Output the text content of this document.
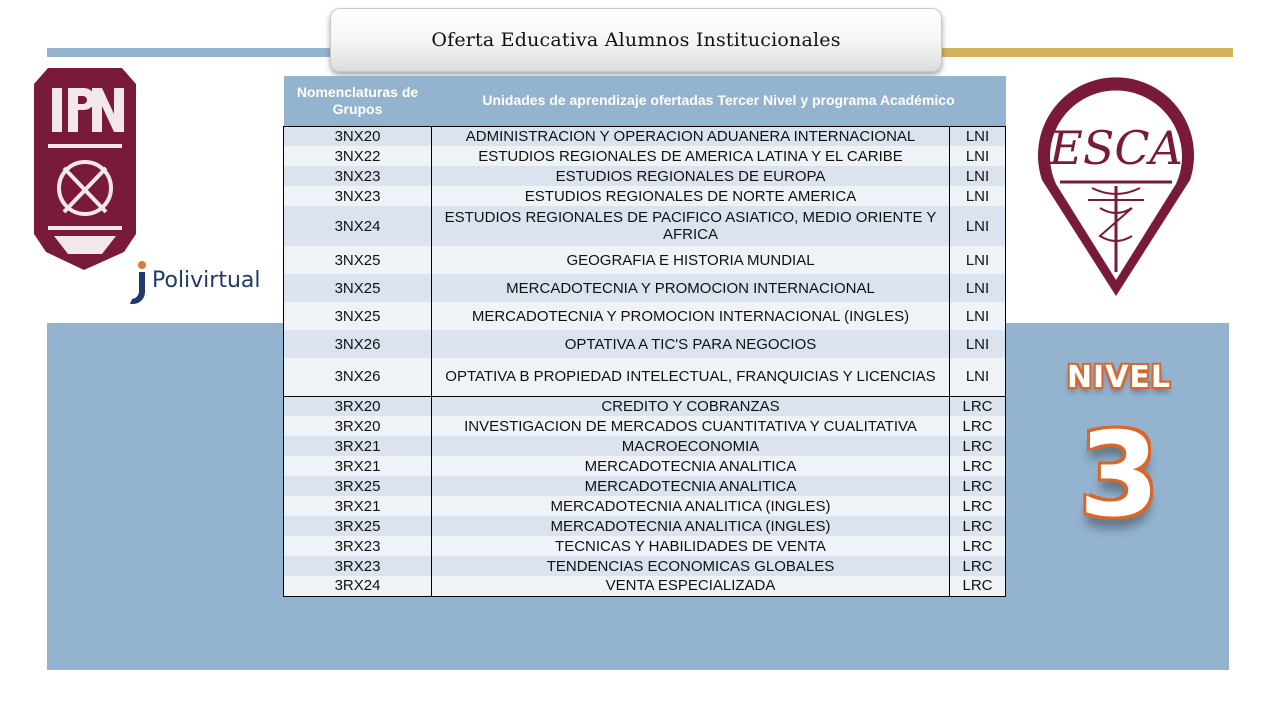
Oferta Educativa Alumnos Institucionales
Polivirtual
ESCA
NIVEL
3
Nomenclaturas de Grupos	Unidades de aprendizaje ofertadas Tercer Nivel y programa Académico	
3NX20	ADMINISTRACION Y OPERACION ADUANERA INTERNACIONAL	LNI
3NX22	ESTUDIOS REGIONALES DE AMERICA LATINA Y EL CARIBE	LNI
3NX23	ESTUDIOS REGIONALES DE EUROPA	LNI
3NX23	ESTUDIOS REGIONALES DE NORTE AMERICA	LNI
3NX24	ESTUDIOS REGIONALES DE PACIFICO ASIATICO, MEDIO ORIENTE Y AFRICA	LNI
3NX25	GEOGRAFIA E HISTORIA MUNDIAL	LNI
3NX25	MERCADOTECNIA Y PROMOCION INTERNACIONAL	LNI
3NX25	MERCADOTECNIA Y PROMOCION INTERNACIONAL (INGLES)	LNI
3NX26	OPTATIVA A TIC'S PARA NEGOCIOS	LNI
3NX26	OPTATIVA B PROPIEDAD INTELECTUAL, FRANQUICIAS Y LICENCIAS	LNI
3RX20	CREDITO Y COBRANZAS	LRC
3RX20	INVESTIGACION DE MERCADOS CUANTITATIVA Y CUALITATIVA	LRC
3RX21	MACROECONOMIA	LRC
3RX21	MERCADOTECNIA ANALITICA	LRC
3RX25	MERCADOTECNIA ANALITICA	LRC
3RX21	MERCADOTECNIA ANALITICA (INGLES)	LRC
3RX25	MERCADOTECNIA ANALITICA (INGLES)	LRC
3RX23	TECNICAS Y HABILIDADES DE VENTA	LRC
3RX23	TENDENCIAS ECONOMICAS GLOBALES	LRC
3RX24	VENTA ESPECIALIZADA	LRC
